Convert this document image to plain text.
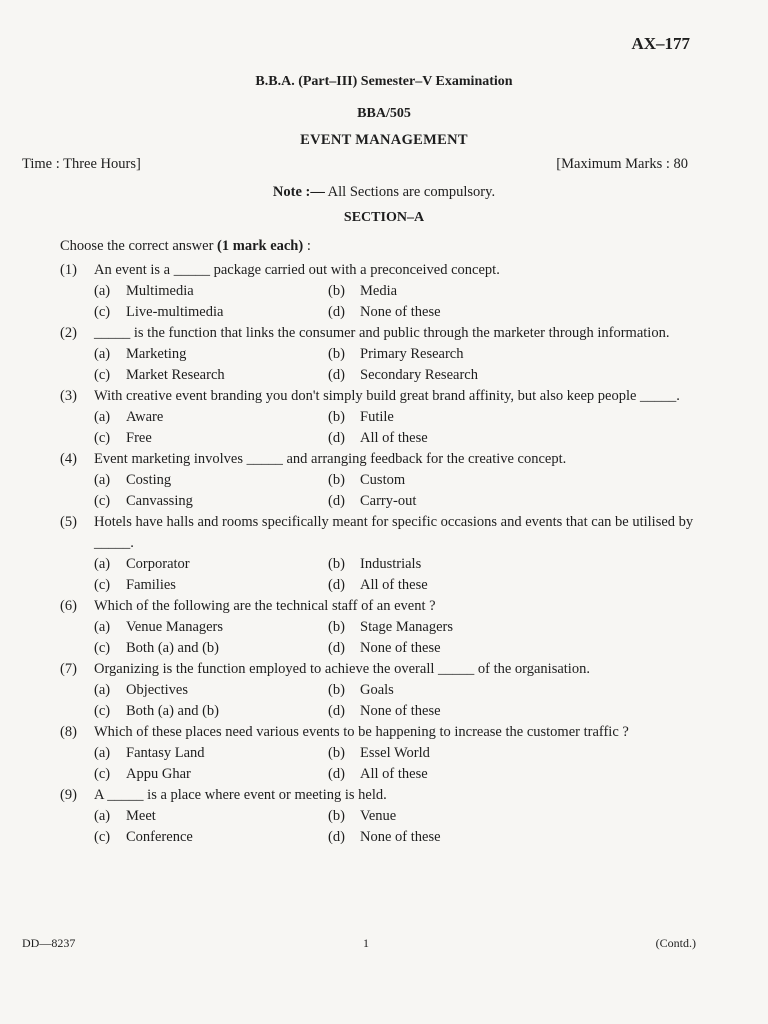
AX–177
B.B.A. (Part–III) Semester–V Examination
BBA/505
EVENT MANAGEMENT
Time : Three Hours]	[Maximum Marks : 80
Note :— All Sections are compulsory.
SECTION–A
Choose the correct answer (1 mark each) :
(1) An event is a _____ package carried out with a preconceived concept.
(a) Multimedia	(b) Media
(c) Live-multimedia	(d) None of these
(2) _____ is the function that links the consumer and public through the marketer through information.
(a) Marketing	(b) Primary Research
(c) Market Research	(d) Secondary Research
(3) With creative event branding you don't simply build great brand affinity, but also keep people _____.
(a) Aware	(b) Futile
(c) Free	(d) All of these
(4) Event marketing involves _____ and arranging feedback for the creative concept.
(a) Costing	(b) Custom
(c) Canvassing	(d) Carry-out
(5) Hotels have halls and rooms specifically meant for specific occasions and events that can be utilised by _____.
(a) Corporator	(b) Industrials
(c) Families	(d) All of these
(6) Which of the following are the technical staff of an event ?
(a) Venue Managers	(b) Stage Managers
(c) Both (a) and (b)	(d) None of these
(7) Organizing is the function employed to achieve the overall _____ of the organisation.
(a) Objectives	(b) Goals
(c) Both (a) and (b)	(d) None of these
(8) Which of these places need various events to be happening to increase the customer traffic ?
(a) Fantasy Land	(b) Essel World
(c) Appu Ghar	(d) All of these
(9) A _____ is a place where event or meeting is held.
(a) Meet	(b) Venue
(c) Conference	(d) None of these
DD—8237	1	(Contd.)
